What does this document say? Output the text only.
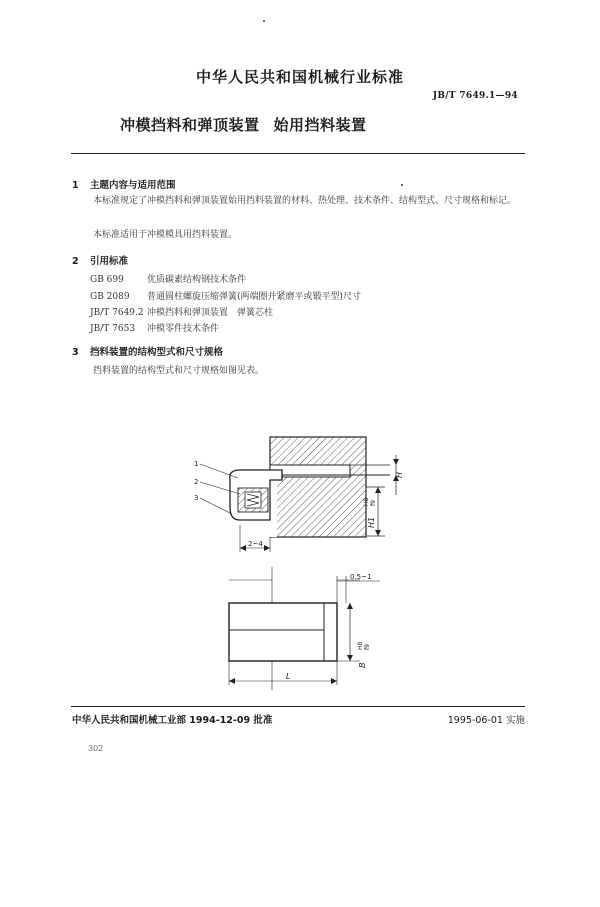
中华人民共和国机械行业标准
JB/T 7649.1—94
冲模挡料和弹顶装置 始用挡料装置
1 主题内容与适用范围
本标准规定了冲模挡料和弹顶装置始用挡料装置的材料、热处理、技术条件、结构型式、尺寸规格和标记。
本标准适用于冲模模具用挡料装置。
2 引用标准
GB 699	优质碳素结构钢技术条件
GB 2089 普通圆柱螺旋压缩弹簧(两端圈并紧磨平或锻平型)尺寸
JB/T 7649.2 冲模挡料和弹顶装置　弹簧芯柱
JB/T 7653 冲模零件技术条件
3 挡料装置的结构型式和尺寸规格
挡料装置的结构型式和尺寸规格如图见表。
H
H1
H8 f9
1
2
3
2~4
0.5~1
B
H8 f9
L
中华人民共和国机械工业部 1994-12-09 批准	1995-06-01 实施
302
